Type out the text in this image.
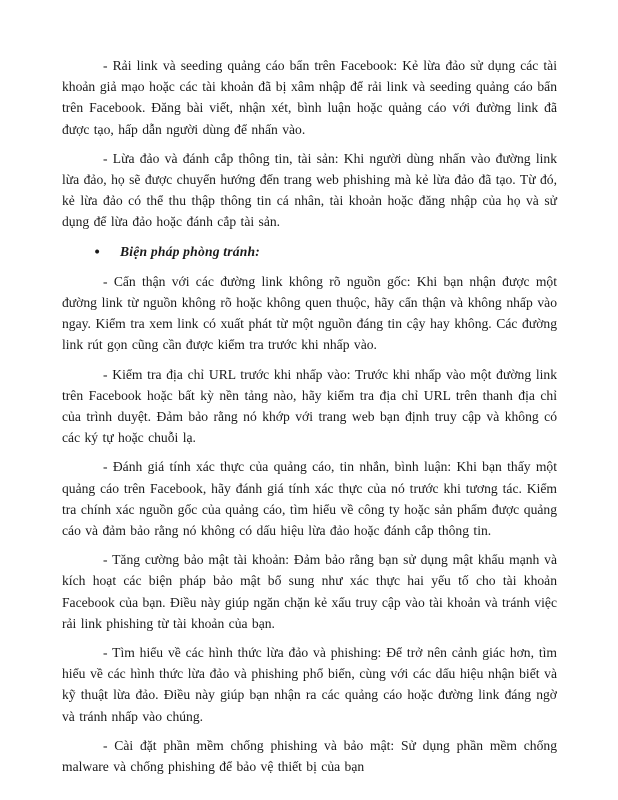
- Rải link và seeding quảng cáo bẩn trên Facebook: Kẻ lừa đảo sử dụng các tài khoản giả mạo hoặc các tài khoản đã bị xâm nhập để rải link và seeding quảng cáo bẩn trên Facebook. Đăng bài viết, nhận xét, bình luận hoặc quảng cáo với đường link đã được tạo, hấp dẫn người dùng để nhấn vào.

- Lừa đảo và đánh cắp thông tin, tài sản: Khi người dùng nhấn vào đường link lừa đảo, họ sẽ được chuyển hướng đến trang web phishing mà kẻ lừa đảo đã tạo. Từ đó, kẻ lừa đảo có thể thu thập thông tin cá nhân, tài khoản hoặc đăng nhập của họ và sử dụng để lừa đảo hoặc đánh cắp tài sản.

• Biện pháp phòng tránh:

- Cẩn thận với các đường link không rõ nguồn gốc: Khi bạn nhận được một đường link từ nguồn không rõ hoặc không quen thuộc, hãy cẩn thận và không nhấp vào ngay. Kiểm tra xem link có xuất phát từ một nguồn đáng tin cậy hay không. Các đường link rút gọn cũng cần được kiểm tra trước khi nhấp vào.

- Kiểm tra địa chỉ URL trước khi nhấp vào: Trước khi nhấp vào một đường link trên Facebook hoặc bất kỳ nền tảng nào, hãy kiểm tra địa chỉ URL trên thanh địa chỉ của trình duyệt. Đảm bảo rằng nó khớp với trang web bạn định truy cập và không có các ký tự hoặc chuỗi lạ.

- Đánh giá tính xác thực của quảng cáo, tin nhắn, bình luận: Khi bạn thấy một quảng cáo trên Facebook, hãy đánh giá tính xác thực của nó trước khi tương tác. Kiểm tra chính xác nguồn gốc của quảng cáo, tìm hiểu về công ty hoặc sản phẩm được quảng cáo và đảm bảo rằng nó không có dấu hiệu lừa đảo hoặc đánh cắp thông tin.

- Tăng cường bảo mật tài khoản: Đảm bảo rằng bạn sử dụng mật khẩu mạnh và kích hoạt các biện pháp bảo mật bổ sung như xác thực hai yếu tố cho tài khoản Facebook của bạn. Điều này giúp ngăn chặn kẻ xấu truy cập vào tài khoản và tránh việc rải link phishing từ tài khoản của bạn.

- Tìm hiểu về các hình thức lừa đảo và phishing: Để trở nên cảnh giác hơn, tìm hiểu về các hình thức lừa đảo và phishing phổ biến, cùng với các dấu hiệu nhận biết và kỹ thuật lừa đảo. Điều này giúp bạn nhận ra các quảng cáo hoặc đường link đáng ngờ và tránh nhấp vào chúng.

- Cài đặt phần mềm chống phishing và bảo mật: Sử dụng phần mềm chống malware và chống phishing để bảo vệ thiết bị của bạn
